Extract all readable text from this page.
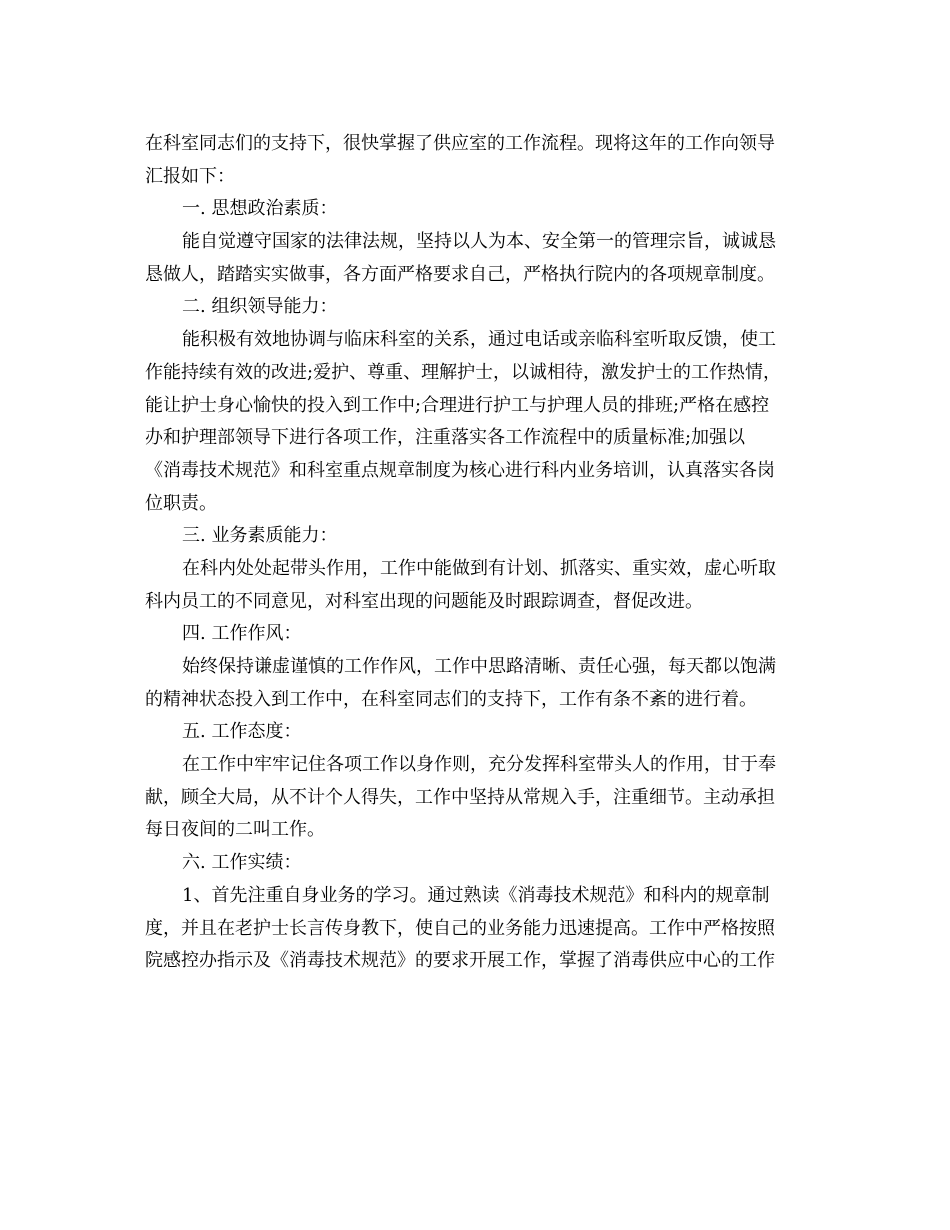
在科室同志们的支持下，很快掌握了供应室的工作流程。现将这年的工作向领导
汇报如下：
一. 思想政治素质：
能自觉遵守国家的法律法规，坚持以人为本、安全第一的管理宗旨，诚诚恳
恳做人，踏踏实实做事，各方面严格要求自己，严格执行院内的各项规章制度。
二. 组织领导能力：
能积极有效地协调与临床科室的关系，通过电话或亲临科室听取反馈，使工
作能持续有效的改进;爱护、尊重、理解护士，以诚相待，激发护士的工作热情，
能让护士身心愉快的投入到工作中;合理进行护工与护理人员的排班;严格在感控
办和护理部领导下进行各项工作，注重落实各工作流程中的质量标准;加强以
《消毒技术规范》和科室重点规章制度为核心进行科内业务培训，认真落实各岗
位职责。
三. 业务素质能力：
在科内处处起带头作用，工作中能做到有计划、抓落实、重实效，虚心听取
科内员工的不同意见，对科室出现的问题能及时跟踪调查，督促改进。
四. 工作作风：
始终保持谦虚谨慎的工作作风，工作中思路清晰、责任心强，每天都以饱满
的精神状态投入到工作中，在科室同志们的支持下，工作有条不紊的进行着。
五. 工作态度：
在工作中牢牢记住各项工作以身作则，充分发挥科室带头人的作用，甘于奉
献，顾全大局，从不计个人得失，工作中坚持从常规入手，注重细节。主动承担
每日夜间的二叫工作。
六. 工作实绩：
1、首先注重自身业务的学习。通过熟读《消毒技术规范》和科内的规章制
度，并且在老护士长言传身教下，使自己的业务能力迅速提高。工作中严格按照
院感控办指示及《消毒技术规范》的要求开展工作，掌握了消毒供应中心的工作
